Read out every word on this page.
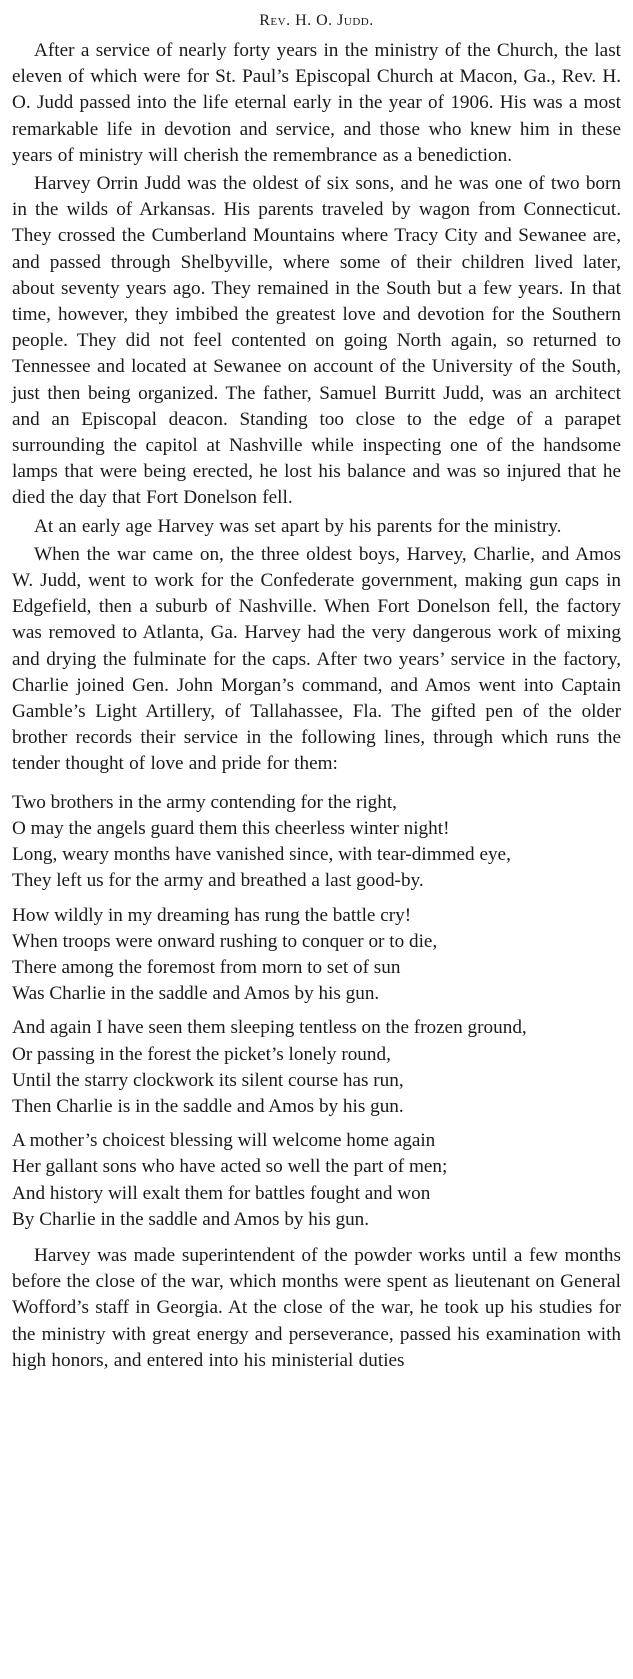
Rev. H. O. Judd.

After a service of nearly forty years in the ministry of the Church, the last eleven of which were for St. Paul’s Episcopal Church at Macon, Ga., Rev. H. O. Judd passed into the life eternal early in the year of 1906. His was a most remarkable life in devotion and service, and those who knew him in these years of ministry will cherish the remembrance as a benediction.

Harvey Orrin Judd was the oldest of six sons, and he was one of two born in the wilds of Arkansas. His parents traveled by wagon from Connecticut. They crossed the Cumberland Mountains where Tracy City and Sewanee are, and passed through Shelbyville, where some of their children lived later, about seventy years ago. They remained in the South but a few years. In that time, however, they imbibed the greatest love and devotion for the Southern people. They did not feel contented on going North again, so returned to Tennessee and located at Sewanee on account of the University of the South, just then being organized. The father, Samuel Burritt Judd, was an architect and an Episcopal deacon. Standing too close to the edge of a parapet surrounding the capitol at Nashville while inspecting one of the handsome lamps that were being erected, he lost his balance and was so injured that he died the day that Fort Donelson fell.

At an early age Harvey was set apart by his parents for the ministry.

When the war came on, the three oldest boys, Harvey, Charlie, and Amos W. Judd, went to work for the Confederate government, making gun caps in Edgefield, then a suburb of Nashville. When Fort Donelson fell, the factory was removed to Atlanta, Ga. Harvey had the very dangerous work of mixing and drying the fulminate for the caps. After two years’ service in the factory, Charlie joined Gen. John Morgan’s command, and Amos went into Captain Gamble’s Light Artillery, of Tallahassee, Fla. The gifted pen of the older brother records their service in the following lines, through which runs the tender thought of love and pride for them:

Two brothers in the army contending for the right,
O may the angels guard them this cheerless winter night!
Long, weary months have vanished since, with tear-dimmed eye,
They left us for the army and breathed a last good-by.
How wildly in my dreaming has rung the battle cry!
When troops were onward rushing to conquer or to die,
There among the foremost from morn to set of sun
Was Charlie in the saddle and Amos by his gun.
And again I have seen them sleeping tentless on the frozen ground,
Or passing in the forest the picket’s lonely round,
Until the starry clockwork its silent course has run,
Then Charlie is in the saddle and Amos by his gun.
A mother’s choicest blessing will welcome home again
Her gallant sons who have acted so well the part of men;
And history will exalt them for battles fought and won
By Charlie in the saddle and Amos by his gun.

Harvey was made superintendent of the powder works until a few months before the close of the war, which months were spent as lieutenant on General Wofford’s staff in Georgia. At the close of the war, he took up his studies for the ministry with great energy and perseverance, passed his examination with high honors, and entered into his ministerial duties
